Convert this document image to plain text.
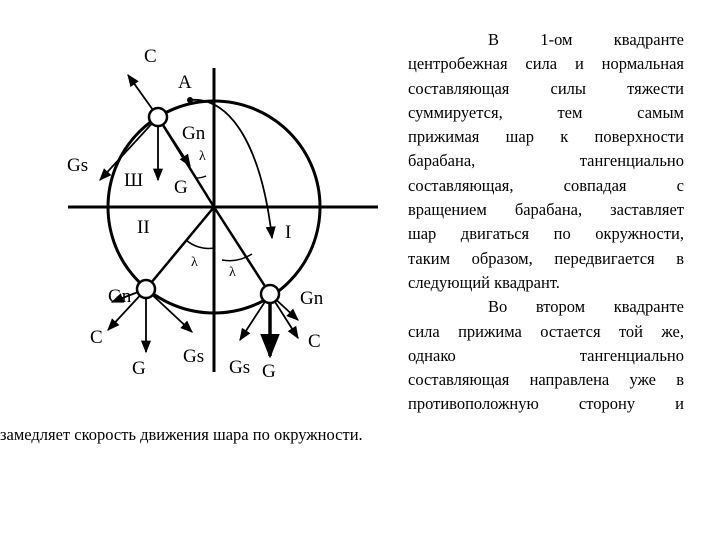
C
A
Gn
Gs	λ
Ш G
II	I
λ
λ
Gn
C
G
Gs
Gs G
Gn
C

В 1-ом квадранте

центробежная сила и нормальная

составляющая силы тяжести

суммируется, тем самым

прижимая шар к поверхности

барабана, тангенциально

составляющая, совпадая с

вращением барабана, заставляет

шар двигаться по окружности,

таким образом, передвигается в

следующий квадрант.

Во втором квадранте

сила прижима остается той же,

однако тангенциально

составляющая направлена уже в

противоположную сторону и

замедляет скорость движения шара по окружности.
